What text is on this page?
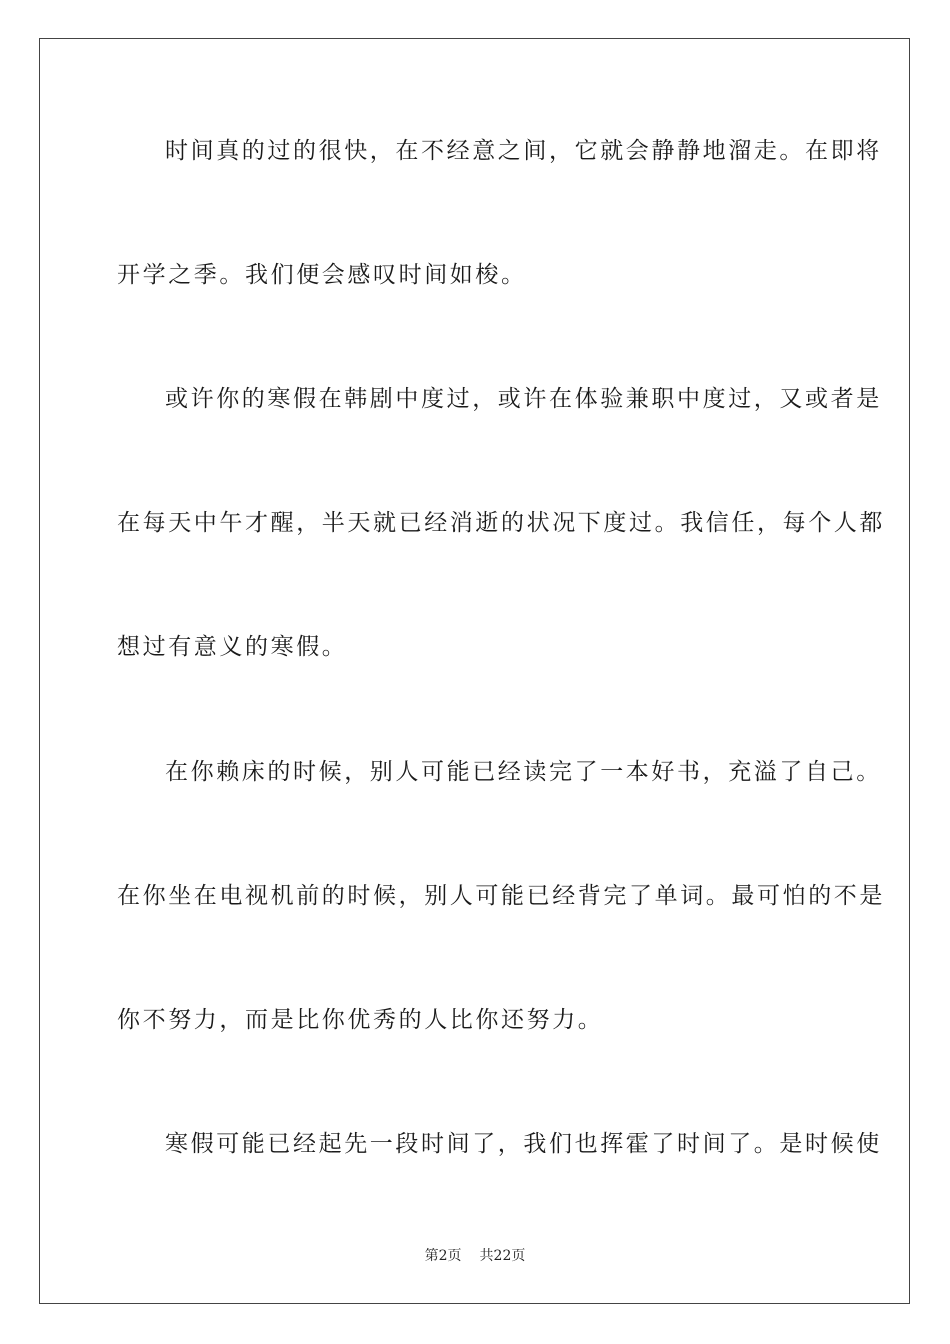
时间真的过的很快，在不经意之间，它就会静静地溜走。在即将
开学之季。我们便会感叹时间如梭。
或许你的寒假在韩剧中度过，或许在体验兼职中度过，又或者是
在每天中午才醒，半天就已经消逝的状况下度过。我信任，每个人都
想过有意义的寒假。
在你赖床的时候，别人可能已经读完了一本好书，充溢了自己。
在你坐在电视机前的时候，别人可能已经背完了单词。最可怕的不是
你不努力，而是比你优秀的人比你还努力。
寒假可能已经起先一段时间了，我们也挥霍了时间了。是时候使
第2页 共22页
